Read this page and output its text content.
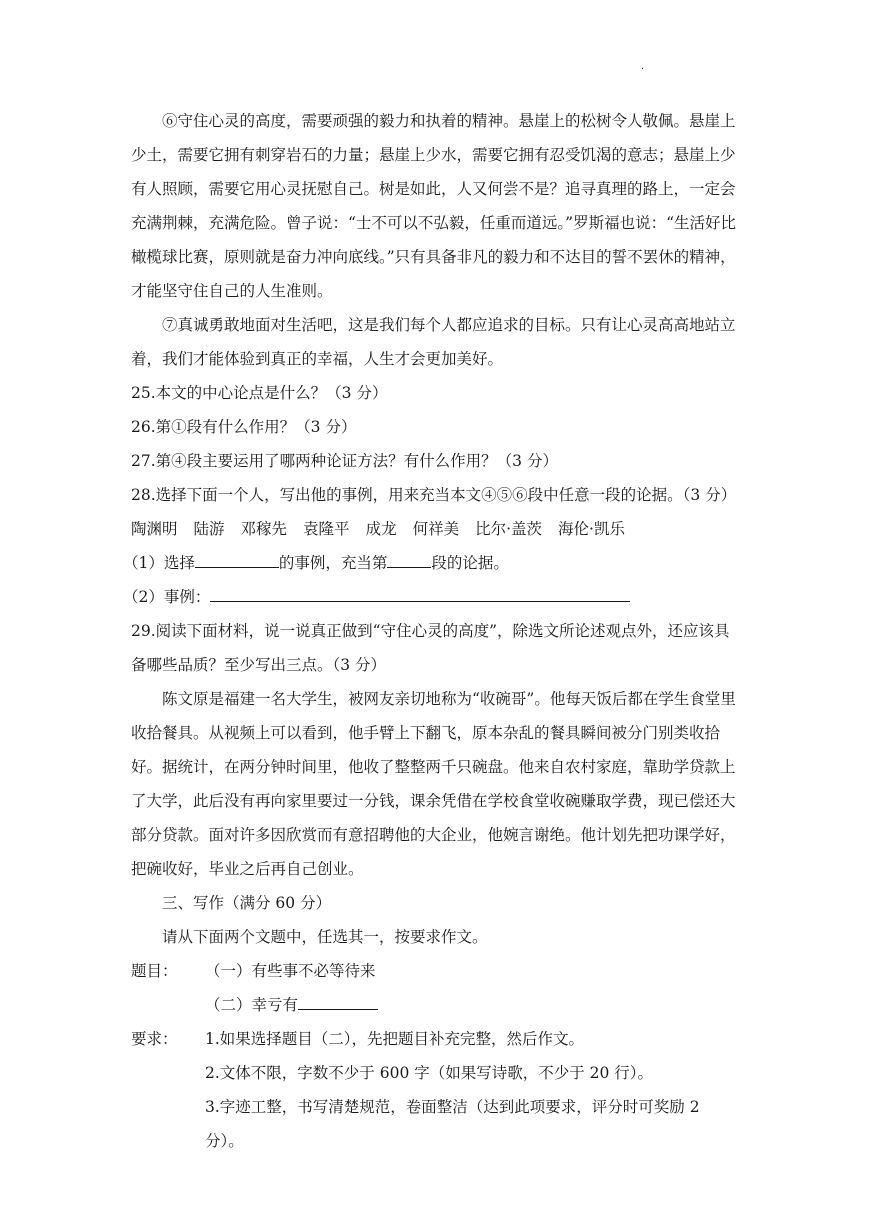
·

⑥守住心灵的高度，需要顽强的毅力和执着的精神。悬崖上的松树令人敬佩。悬崖上少土，需要它拥有刺穿岩石的力量；悬崖上少水，需要它拥有忍受饥渴的意志；悬崖上少有人照顾，需要它用心灵抚慰自己。树是如此，人又何尝不是？追寻真理的路上，一定会充满荆棘，充满危险。曾子说：“士不可以不弘毅，任重而道远。”罗斯福也说：“生活好比橄榄球比赛，原则就是奋力冲向底线。”只有具备非凡的毅力和不达目的誓不罢休的精神，才能坚守住自己的人生准则。

⑦真诚勇敢地面对生活吧，这是我们每个人都应追求的目标。只有让心灵高高地站立着，我们才能体验到真正的幸福，人生才会更加美好。

25.本文的中心论点是什么？（3 分）

26.第①段有什么作用？（3 分）

27.第④段主要运用了哪两种论证方法？有什么作用？（3 分）

28.选择下面一个人，写出他的事例，用来充当本文④⑤⑥段中任意一段的论据。（3 分）

陶渊明 陆游 邓稼先 袁隆平 成龙 何祥美 比尔·盖茨 海伦·凯乐

（1）选择	的事例，充当第	段的论据。

（2）事例：

29.阅读下面材料，说一说真正做到“守住心灵的高度”，除选文所论述观点外，还应该具备哪些品质？至少写出三点。（3 分）

陈文原是福建一名大学生，被网友亲切地称为“收碗哥”。他每天饭后都在学生食堂里收拾餐具。从视频上可以看到，他手臂上下翻飞，原本杂乱的餐具瞬间被分门别类收拾好。据统计，在两分钟时间里，他收了整整两千只碗盘。他来自农村家庭，靠助学贷款上了大学，此后没有再向家里要过一分钱，课余凭借在学校食堂收碗赚取学费，现已偿还大部分贷款。面对许多因欣赏而有意招聘他的大企业，他婉言谢绝。他计划先把功课学好，把碗收好，毕业之后再自己创业。

三、写作（满分 60 分）

请从下面两个文题中，任选其一，按要求作文。

题目：	（一）有些事不必等待来
（二）幸亏有
要求：	1.如果选择题目（二），先把题目补充完整，然后作文。
2.文体不限，字数不少于 600 字（如果写诗歌，不少于 20 行）。
3.字迹工整，书写清楚规范，卷面整洁（达到此项要求，评分时可奖励 2 分）。
